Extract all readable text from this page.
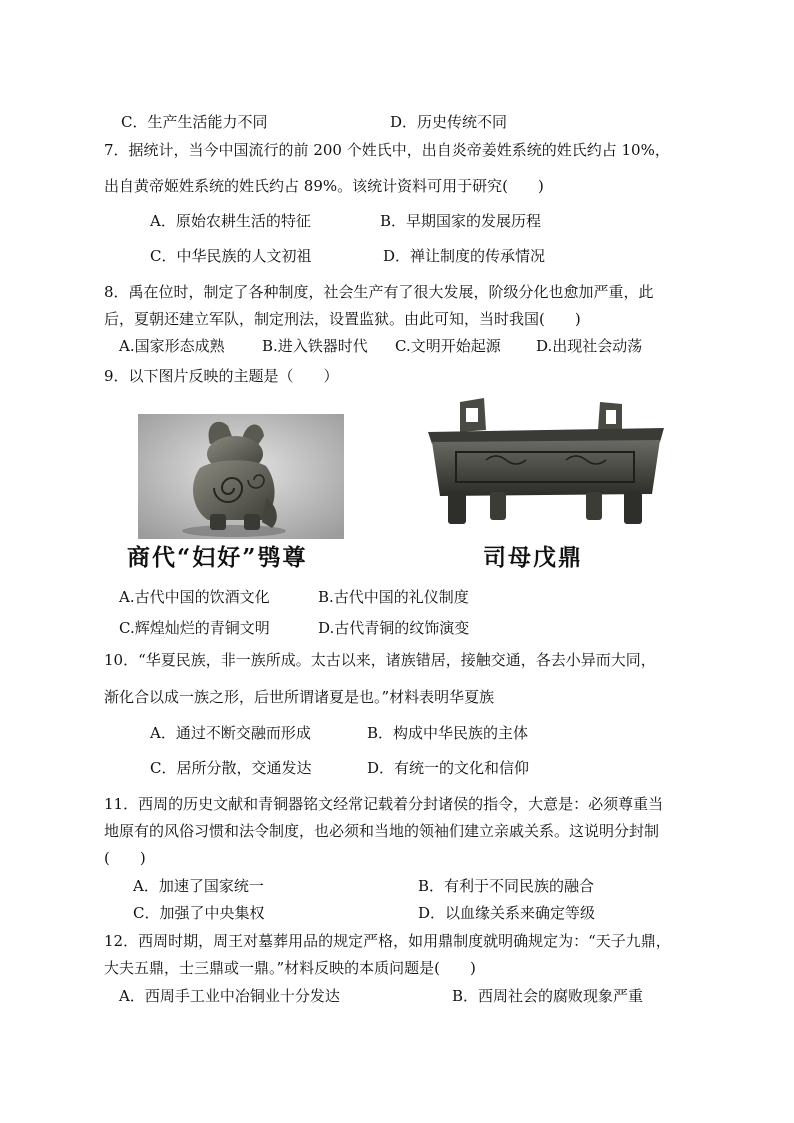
C．生产生活能力不同	D．历史传统不同
7．据统计，当今中国流行的前 200 个姓氏中，出自炎帝姜姓系统的姓氏约占 10%，
出自黄帝姬姓系统的姓氏约占 89%。该统计资料可用于研究(　　)
A．原始农耕生活的特征	B．早期国家的发展历程
C．中华民族的人文初祖	D．禅让制度的传承情况
8．禹在位时，制定了各种制度，社会生产有了很大发展，阶级分化也愈加严重，此
后，夏朝还建立军队，制定刑法，设置监狱。由此可知，当时我国(　　)
A.国家形态成熟 B.进入铁器时代 C.文明开始起源 D.出现社会动荡
9．以下图片反映的主题是（　　）
商代“妇好”鸮尊	司母戊鼎
A.古代中国的饮酒文化	B.古代中国的礼仪制度
C.辉煌灿烂的青铜文明	D.古代青铜的纹饰演变
10．“华夏民族，非一族所成。太古以来，诸族错居，接触交通，各去小异而大同，
渐化合以成一族之形，后世所谓诸夏是也。”材料表明华夏族
A．通过不断交融而形成	B．构成中华民族的主体
C．居所分散，交通发达	D．有统一的文化和信仰
11．西周的历史文献和青铜器铭文经常记载着分封诸侯的指令，大意是：必须尊重当
地原有的风俗习惯和法令制度，也必须和当地的领袖们建立亲戚关系。这说明分封制
(　　)
A．加速了国家统一	B．有利于不同民族的融合
C．加强了中央集权	D．以血缘关系来确定等级
12．西周时期，周王对墓葬用品的规定严格，如用鼎制度就明确规定为：“天子九鼎，
大夫五鼎，士三鼎或一鼎。”材料反映的本质问题是(　　)
A．西周手工业中冶铜业十分发达	B．西周社会的腐败现象严重
